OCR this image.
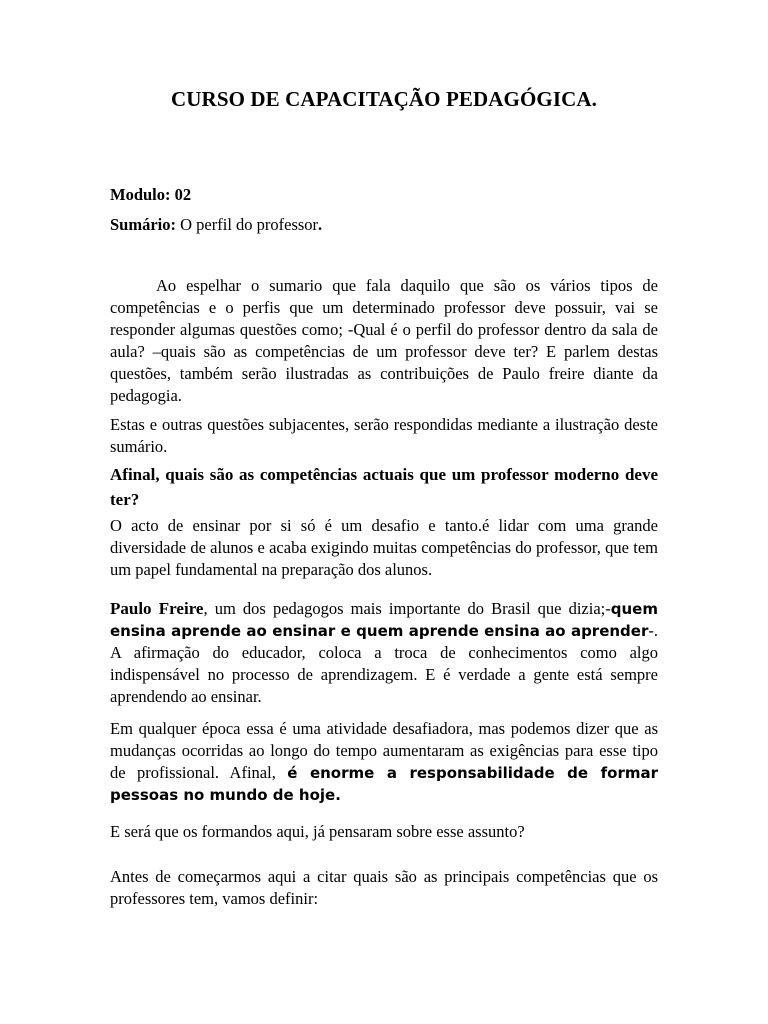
CURSO DE CAPACITAÇÃO PEDAGÓGICA.
Modulo: 02
Sumário: O perfil do professor.

Ao espelhar o sumario que fala daquilo que são os vários tipos de competências e o perfis que um determinado professor deve possuir, vai se responder algumas questões como; -Qual é o perfil do professor dentro da sala de aula? –quais são as competências de um professor deve ter? E parlem destas questões, também serão ilustradas as contribuições de Paulo freire diante da pedagogia.

Estas e outras questões subjacentes, serão respondidas mediante a ilustração deste sumário.

Afinal, quais são as competências actuais que um professor moderno deve ter?

O acto de ensinar por si só é um desafio e tanto.é lidar com uma grande diversidade de alunos e acaba exigindo muitas competências do professor, que tem um papel fundamental na preparação dos alunos.

Paulo Freire, um dos pedagogos mais importante do Brasil que dizia;-quem ensina aprende ao ensinar e quem aprende ensina ao aprender-. A afirmação do educador, coloca a troca de conhecimentos como algo indispensável no processo de aprendizagem. E é verdade a gente está sempre aprendendo ao ensinar.

Em qualquer época essa é uma atividade desafiadora, mas podemos dizer que as mudanças ocorridas ao longo do tempo aumentaram as exigências para esse tipo de profissional. Afinal, é enorme a responsabilidade de formar pessoas no mundo de hoje.

E será que os formandos aqui, já pensaram sobre esse assunto?

Antes de começarmos aqui a citar quais são as principais competências que os professores tem, vamos definir:
